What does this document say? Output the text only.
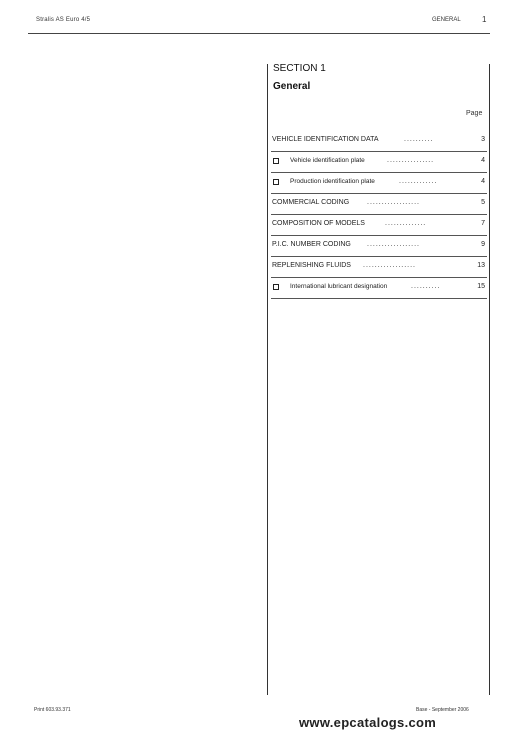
Stralis AS Euro 4/5	GENERAL	1
SECTION 1
General
Page
VEHICLE IDENTIFICATION DATA	..........	3
Vehicle identification plate	................	4
Production identification plate	.............	4
COMMERCIAL CODING	..................	5
COMPOSITION OF MODELS	..............	7
P.I.C. NUMBER CODING ..................	9
REPLENISHING FLUIDS ..................	13
International lubricant designation	..........	15
Print 603.93.371	Base - September 2006
www.epcatalogs.com
